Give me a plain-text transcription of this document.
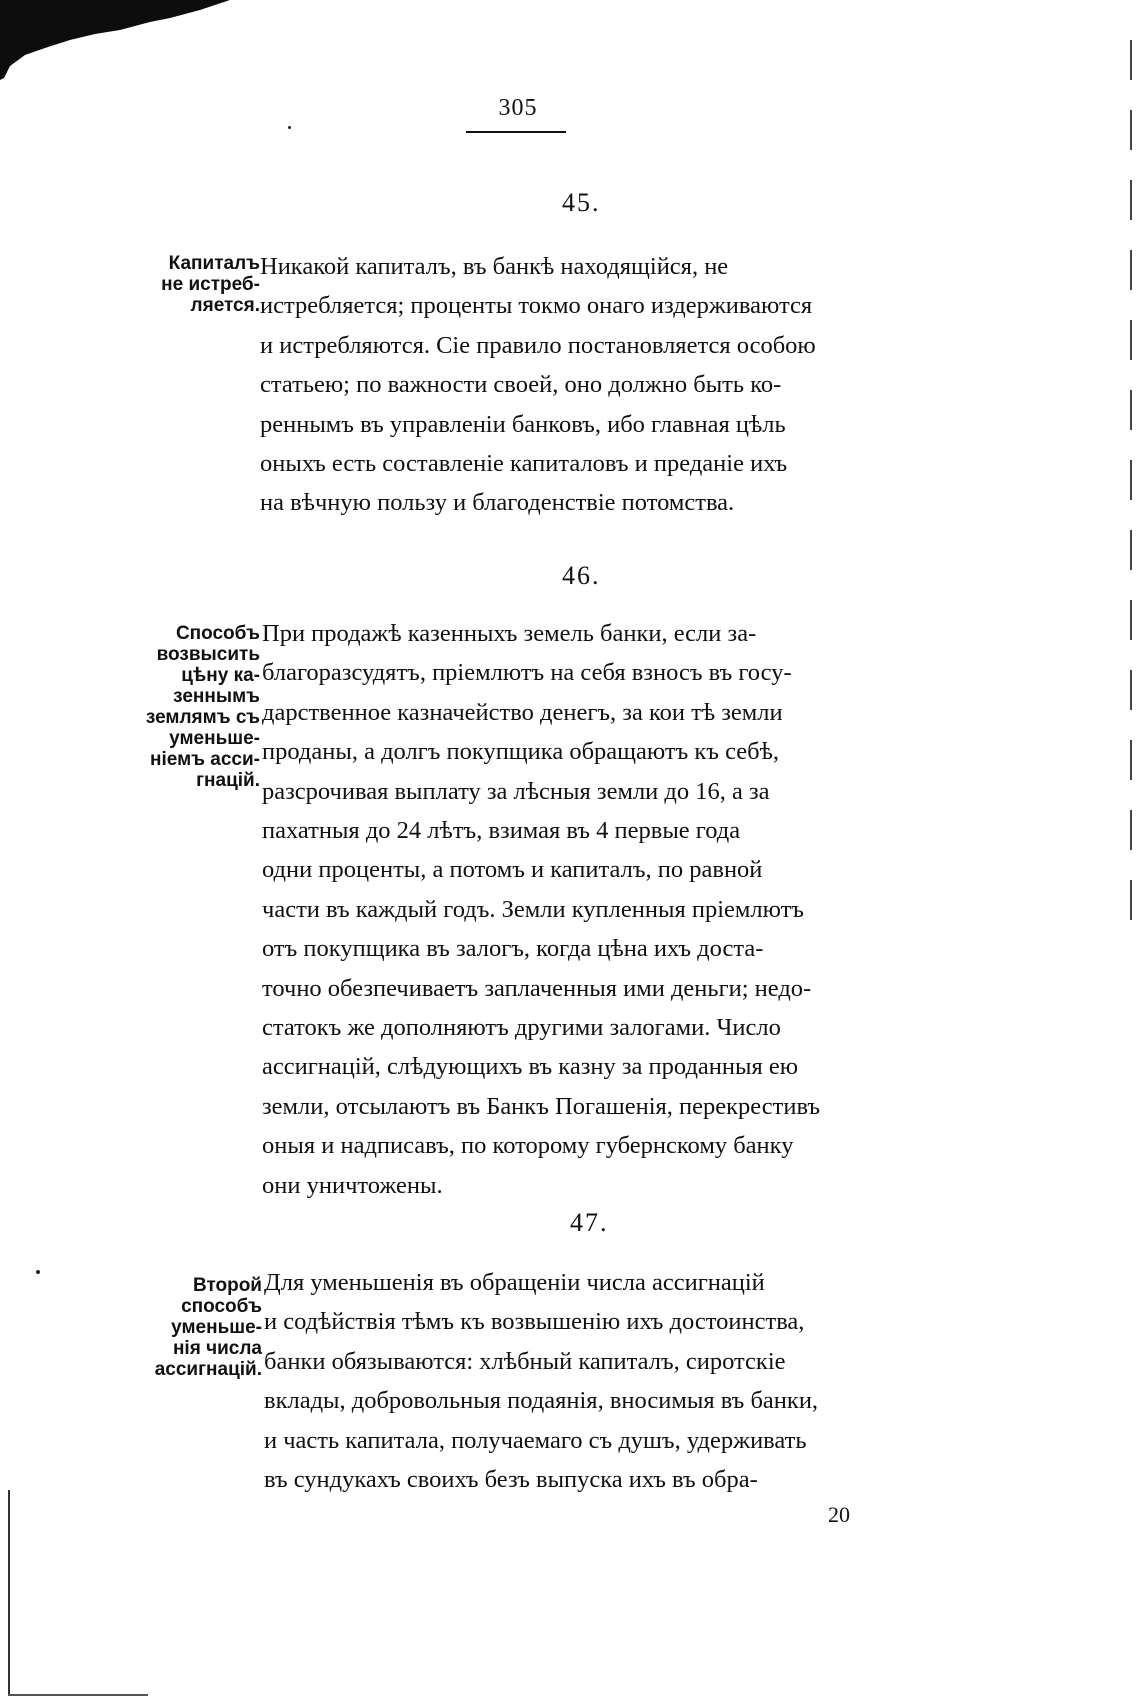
305
45.
Капиталъ
не истреб-
ляется.
Никакой капиталъ, въ банкѣ находящійся, не
истребляется; проценты токмо онаго издерживаются
и истребляются. Сіе правило постановляется особою
статьею; по важности своей, оно должно быть ко-
реннымъ въ управленіи банковъ, ибо главная цѣль
оныхъ есть составленіе капиталовъ и преданіе ихъ
на вѣчную пользу и благоденствіе потомства.
46.
Способъ
возвысить
цѣну ка-
зеннымъ
землямъ съ
уменьше-
ніемъ асси-
гнацій.
При продажѣ казенныхъ земель банки, если за-
благоразсудятъ, пріемлютъ на себя взносъ въ госу-
дарственное казначейство денегъ, за кои тѣ земли
проданы, а долгъ покупщика обращаютъ къ себѣ,
разсрочивая выплату за лѣсныя земли до 16, а за
пахатныя до 24 лѣтъ, взимая въ 4 первые года
одни проценты, а потомъ и капиталъ, по равной
части въ каждый годъ. Земли купленныя пріемлютъ
отъ покупщика въ залогъ, когда цѣна ихъ доста-
точно обезпечиваетъ заплаченныя ими деньги; недо-
статокъ же дополняютъ другими залогами. Число
ассигнацій, слѣдующихъ въ казну за проданныя ею
земли, отсылаютъ въ Банкъ Погашенія, перекрестивъ
оныя и надписавъ, по которому губернскому банку
они уничтожены.
47.
Второй
способъ
уменьше-
нія числа
ассигнацій.
Для уменьшенія въ обращеніи числа ассигнацій
и содѣйствія тѣмъ къ возвышенію ихъ достоинства,
банки обязываются: хлѣбный капиталъ, сиротскіе
вклады, добровольныя подаянія, вносимыя въ банки,
и часть капитала, получаемаго съ душъ, удерживать
въ сундукахъ своихъ безъ выпуска ихъ въ обра-
20
